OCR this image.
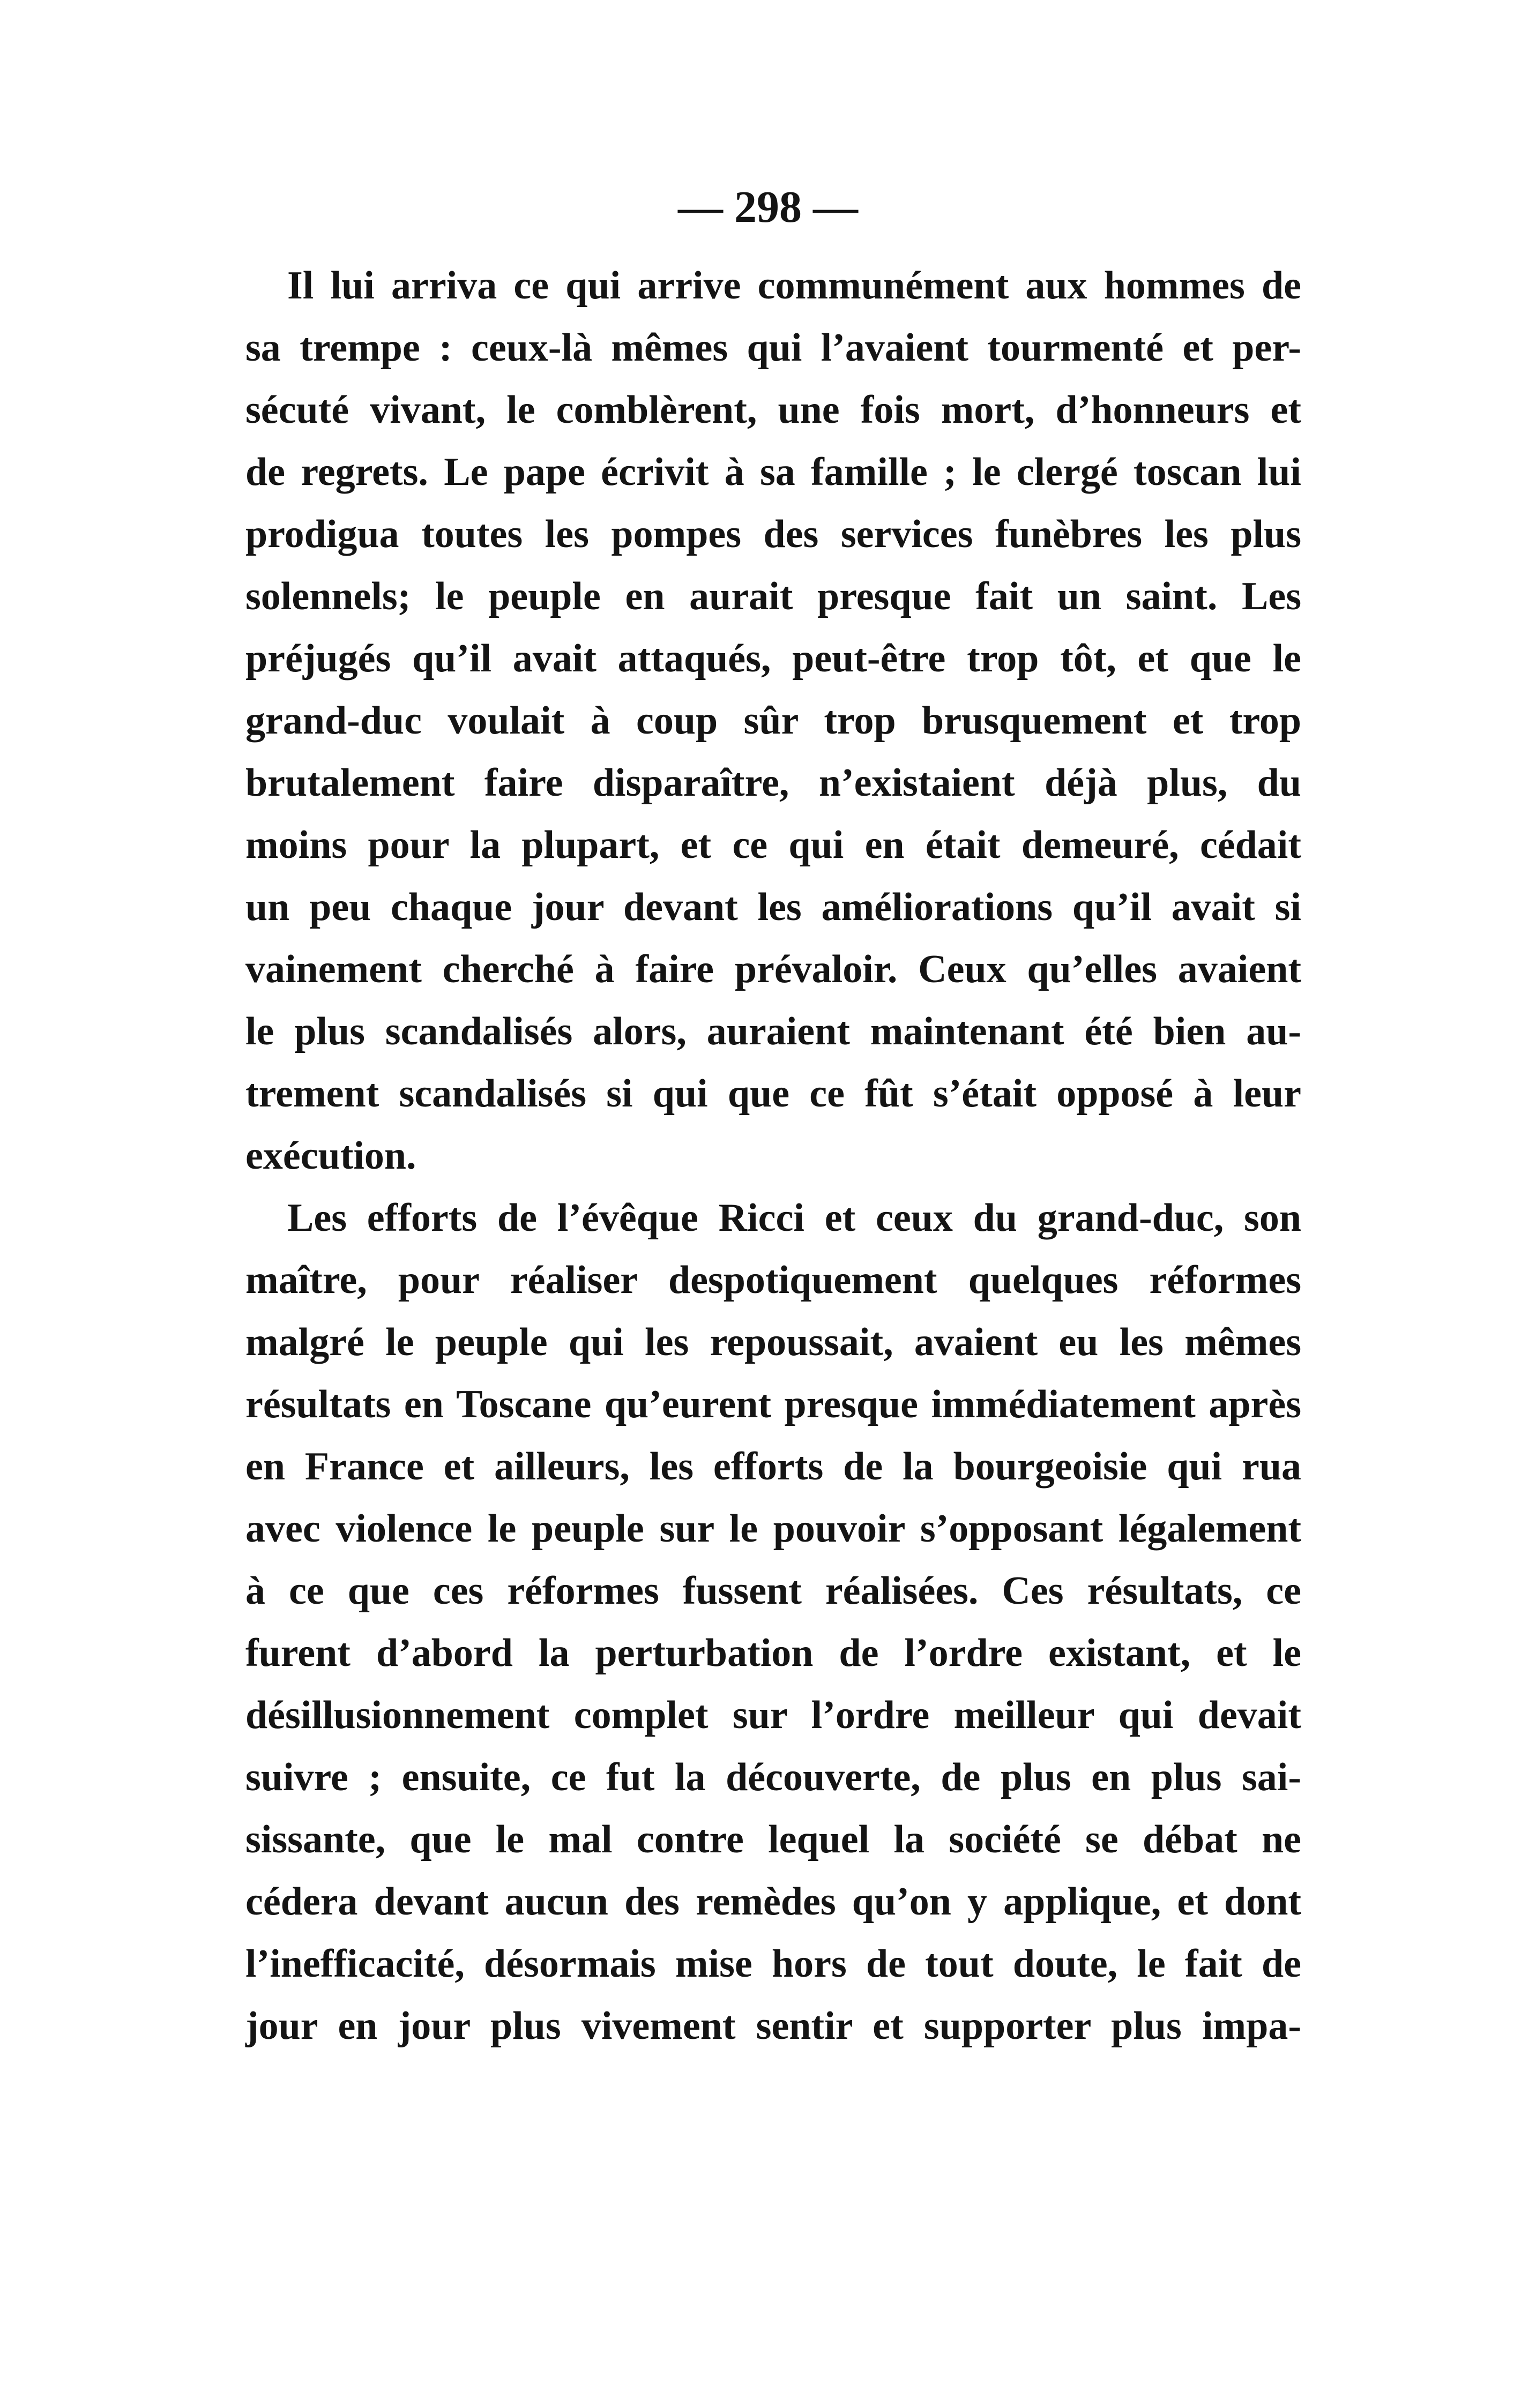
— 298 —
Il lui arriva ce qui arrive communément aux hommes de
sa trempe : ceux-là mêmes qui l’avaient tourmenté et per-
sécuté vivant, le comblèrent, une fois mort, d’honneurs et
de regrets. Le pape écrivit à sa famille ; le clergé toscan lui
prodigua toutes les pompes des services funèbres les plus
solennels; le peuple en aurait presque fait un saint. Les
préjugés qu’il avait attaqués, peut-être trop tôt, et que le
grand-duc voulait à coup sûr trop brusquement et trop
brutalement faire disparaître, n’existaient déjà plus, du
moins pour la plupart, et ce qui en était demeuré, cédait
un peu chaque jour devant les améliorations qu’il avait si
vainement cherché à faire prévaloir. Ceux qu’elles avaient
le plus scandalisés alors, auraient maintenant été bien au-
trement scandalisés si qui que ce fût s’était opposé à leur
exécution.
Les efforts de l’évêque Ricci et ceux du grand-duc, son
maître, pour réaliser despotiquement quelques réformes
malgré le peuple qui les repoussait, avaient eu les mêmes
résultats en Toscane qu’eurent presque immédiatement après
en France et ailleurs, les efforts de la bourgeoisie qui rua
avec violence le peuple sur le pouvoir s’opposant légalement
à ce que ces réformes fussent réalisées. Ces résultats, ce
furent d’abord la perturbation de l’ordre existant, et le
désillusionnement complet sur l’ordre meilleur qui devait
suivre ; ensuite, ce fut la découverte, de plus en plus sai-
sissante, que le mal contre lequel la société se débat ne
cédera devant aucun des remèdes qu’on y applique, et dont
l’inefficacité, désormais mise hors de tout doute, le fait de
jour en jour plus vivement sentir et supporter plus impa-
